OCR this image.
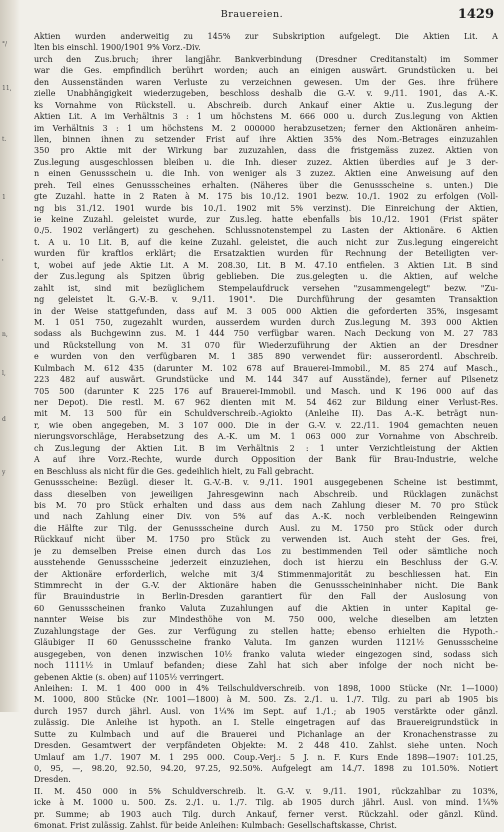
°/
11,
t.
1
'
n,
l,
d
y
Brauereien.	1429
Aktien wurden anderweitig zu 145% zur Subskription aufgelegt. Die Aktien Lit. A
lten bis einschl. 1900/1901 9% Vorz.-Div.
urch den Zus.bruch; ihrer langjähr. Bankverbindung (Dresdner Creditanstalt) im Sommer
war die Ges. empfindlich berührt worden; auch an einigen auswärt. Grundstücken u. bei
den Aussenständen waren Verluste zu verzeichnen gewesen. Um der Ges. ihre frühere
zielle Unabhängigkeit wiederzugeben, beschloss deshalb die G.-V. v. 9./11. 1901, das A.-K.
ks Vornahme von Rückstell. u. Abschreib. durch Ankauf einer Aktie u. Zus.legung der
Aktien Lit. A im Verhältnis 3 : 1 um höchstens M. 666 000 u. durch Zus.legung von Aktien
im Verhältnis 3 : 1 um höchstens M. 2 000000 herabzusetzen; ferner den Aktionären anheim-
llen, binnen ihnen zu setzender Frist auf ihre Aktien 35% des Nom.-Betrages einzuzahlen
350 pro Aktie mit der Wirkung bar zuzuzahlen, dass die fristgemäss zuzez. Aktien von
Zus.legung ausgeschlossen bleiben u. die Inh. dieser zuzez. Aktien überdies auf je 3 der-
n einen Genussschein u. die Inh. von weniger als 3 zuzez. Aktien eine Anweisung auf den
preh. Teil eines Genussscheines erhalten. (Näheres über die Genussscheine s. unten.) Die
gte Zuzahl. hatte in 2 Raten à M. 175 bis 10./12. 1901 bezw. 10./1. 1902 zu erfolgen (Voll-
ng bis 31./12. 1901 wurde bis 10./1. 1902 mit 5% verzinst). Die Einreichung der Aktien,
ie keine Zuzahl. geleistet wurde, zur Zus.leg. hatte ebenfalls bis 10./12. 1901 (Frist später
0./5. 1902 verlängert) zu geschehen. Schlussnotenstempel zu Lasten der Aktionäre. 6 Aktien
t. A u. 10 Lit. B, auf die keine Zuzahl. geleistet, die auch nicht zur Zus.legung eingereicht
wurden für kraftlos erklärt; die Ersatzaktien wurden für Rechnung der Beteiligten ver-
t, wobei auf jede Aktie Lit. A M. 208.30, Lit. B M. 47.10 entfielen. 3 Aktien Lit. B sind
der Zus.legung als Spitzen übrig geblieben. Die zus.gelegten u. die Aktien, auf welche
zahlt ist, sind mit bezüglichem Stempelaufdruck versehen "zusammengelegt" bezw. "Zu-
ng geleistet lt. G.-V.-B. v. 9./11. 1901". Die Durchführung der gesamten Transaktion
in der Weise stattgefunden, dass auf M. 3 005 000 Aktien die geforderten 35%, insgesamt
M. 1 051 750, zugezahlt wurden, ausserdem wurden durch Zus.legung M. 393 000 Aktien
sodass als Buchgewinn zus. M. 1 444 750 verfügbar waren. Nach Deckung von M. 27 783
und Rückstellung von M. 31 070 für Wiederzuführung der Aktien an der Dresdner
e wurden von den verfügbaren M. 1 385 890 verwendet für: ausserordentl. Abschreib.
Kulmbach M. 612 435 (darunter M. 102 678 auf Brauerei-Immobil., M. 85 274 auf Masch.,
223 482 auf auswärt. Grundstücke und M. 144 347 auf Ausstände), ferner auf Pilsenetz
705 500 (darunter K 225 176 auf Brauerei-Immobil. und Masch. und K 196 000 auf das
ner Depot). Die restl. M. 67 962 dienten mit M. 54 462 zur Bildung einer Verlust-Res.
mit M. 13 500 für ein Schuldverschreib.-Agiokto (Anleihe II). Das A.-K. beträgt nun-
r, wie oben angegeben, M. 3 107 000. Die in der G.-V. v. 22./11. 1904 gemachten neuen
nierungsvorschläge, Herabsetzung des A.-K. um M. 1 063 000 zur Vornahme von Abschreib.
ch Zus.legung der Aktien Lit. B im Verhältnis 2 : 1 unter Verzichtleistung der Aktien
A auf ihre Vorz.-Rechte, wurde durch Opposition der Bank für Brau-Industrie, welche
en Beschluss als nicht für die Ges. gedeihlich hielt, zu Fall gebracht.
Genussscheine: Bezügl. dieser lt. G.-V.-B. v. 9./11. 1901 ausgegebenen Scheine ist bestimmt,
dass dieselben von jeweiligen Jahresgewinn nach Abschreib. und Rücklagen zunächst
bis M. 70 pro Stück erhalten und dass aus dem nach Zahlung dieser M. 70 pro Stück
und nach Zahlung einer Div. von 5% auf das A.-K. noch verbleibenden Reingewinn
die Hälfte zur Tilg. der Genussscheine durch Ausl. zu M. 1750 pro Stück oder durch
Rückkauf nicht über M. 1750 pro Stück zu verwenden ist. Auch steht der Ges. frei,
je zu demselben Preise einen durch das Los zu bestimmenden Teil oder sämtliche noch
ausstehende Genussscheine jederzeit einzuziehen, doch ist hierzu ein Beschluss der G.-V.
der Aktionäre erforderlich, welche mit 3/4 Stimmenmajorität zu beschliessen hat. Ein
Stimmrecht in der G.-V. der Aktionäre haben die Genussscheininhaber nicht. Die Bank
für Brauindustrie in Berlin-Dresden garantiert für den Fall der Auslosung von
60 Genussscheinen franko Valuta Zuzahlungen auf die Aktien in unter Kapital ge-
nannter Weise bis zur Mindesthöhe von M. 750 000, welche dieselben am letzten
Zuzahlungstage der Ges. zur Verfügung zu stellen hatte; ebenso erhielten die Hypoth.-
Gläubiger II 60 Genussscheine franko Valuta. Im ganzen wurden 1121½ Genussscheine
ausgegeben, von denen inzwischen 10½ franko valuta wieder eingezogen sind, sodass sich
noch 1111½ in Umlauf befanden; diese Zahl hat sich aber infolge der noch nicht be-
gebenen Aktie (s. oben) auf 1105½ verringert.
Anleihen: I. M. 1 400 000 in 4% Teilschuldverschreib. von 1898, 1000 Stücke (Nr. 1—1000)
M. 1000, 800 Stücke (Nr. 1001—1800) à M. 500. Zs. 2./1. u. 1./7. Tilg. zu pari ab 1905 bis
durch 1957 durch jährl. Ausl. von 1¼% im Sept. auf 1./1.; ab 1905 verstärkte oder gänzl.
zulässig. Die Anleihe ist hypoth. an I. Stelle eingetragen auf das Brauereigrundstück in
Sutte zu Kulmbach und auf die Brauerei und Pichanlage an der Kronachenstrasse zu
Dresden. Gesamtwert der verpfändeten Objekte: M. 2 448 410. Zahlst. siehe unten. Noch
Umlauf am 1./7. 1907 M. 1 295 000. Coup.-Verj.: 5 J. n. F. Kurs Ende 1898—1907: 101.25,
0, 95, —, 98.20, 92.50, 94.20, 97.25, 92.50%. Aufgelegt am 14./7. 1898 zu 101.50%. Notiert
Dresden.
II. M. 450 000 in 5% Schuldverschreib. lt. G.-V. v. 9./11. 1901, rückzahlbar zu 103%,
icke à M. 1000 u. 500. Zs. 2./1. u. 1./7. Tilg. ab 1905 durch jährl. Ausl. von mind. 1¼%
pr. Summe; ab 1903 auch Tilg. durch Ankauf, ferner verst. Rückzahl. oder gänzl. Künd.
6monat. Frist zulässig. Zahlst. für beide Anleihen: Kulmbach: Gesellschaftskasse, Christ.
